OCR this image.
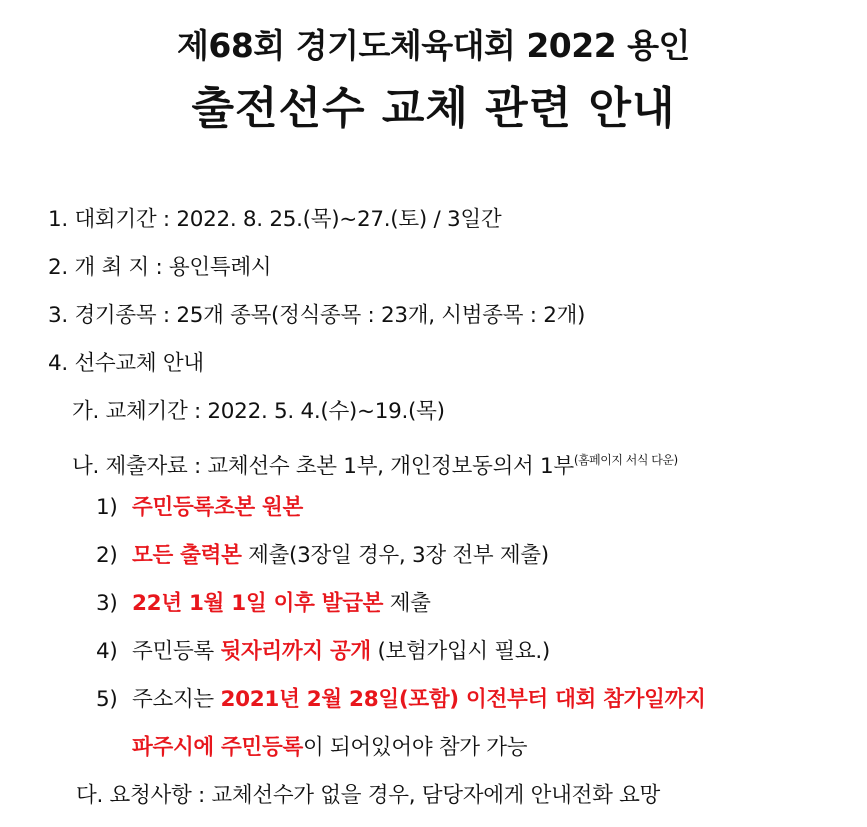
제68회 경기도체육대회 2022 용인
출전선수 교체 관련 안내
1. 대회기간 : 2022. 8. 25.(목)~27.(토) / 3일간
2. 개 최 지 : 용인특례시
3. 경기종목 : 25개 종목(정식종목 : 23개, 시범종목 : 2개)
4. 선수교체 안내
가. 교체기간 : 2022. 5. 4.(수)~19.(목)
나. 제출자료 : 교체선수 초본 1부, 개인정보동의서 1부$^{(홈페이지 서식 다운)}$
1) 주민등록초본 원본
2) 모든 출력본 제출(3장일 경우, 3장 전부 제출)
3) 22년 1월 1일 이후 발급본 제출
4) 주민등록 뒷자리까지 공개 (보험가입시 필요.)
5) 주소지는 2021년 2월 28일(포함) 이전부터 대회 참가일까지
파주시에 주민등록이 되어있어야 참가 가능
다. 요청사항 : 교체선수가 없을 경우, 담당자에게 안내전화 요망
